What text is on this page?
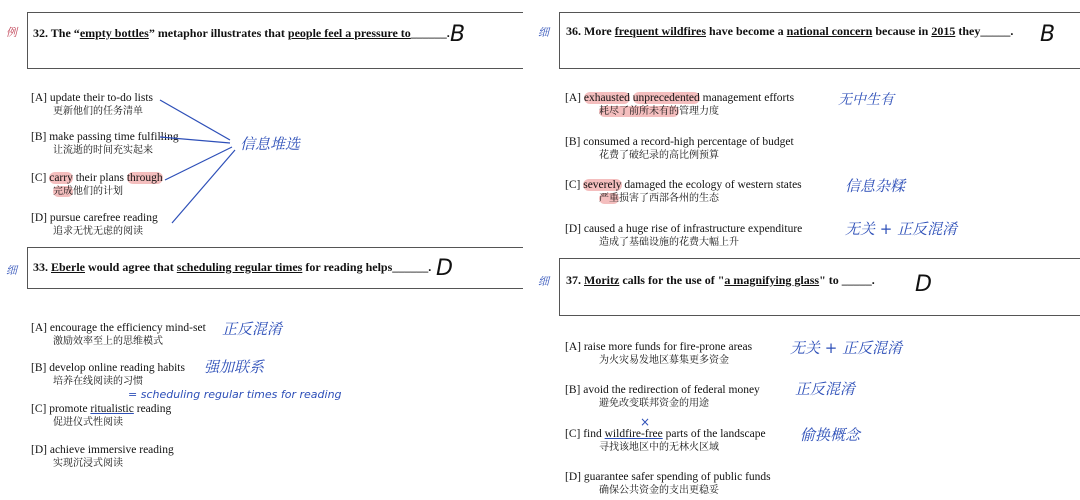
例 32. The “empty bottles” metaphor illustrates that people feel a pressure to______. B
[A] update their to-do lists
更新他们的任务清单
[B] make passing time fulfilling
让流逝的时间充实起来
[C] carry their plans through
完成他们的计划
[D] pursue carefree reading
追求无忧无虑的阅读
信息堆选
细 33. Eberle would agree that scheduling regular times for reading helps______. D
[A] encourage the efficiency mind-set
激励效率至上的思维模式
正反混淆
[B] develop online reading habits
培养在线阅读的习惯
强加联系
[C] promote ritualistic reading
促进仪式性阅读
= scheduling regular times for reading
[D] achieve immersive reading
实现沉浸式阅读
细 36. More frequent wildfires have become a national concern because in 2015 they_____. B
[A] exhausted unprecedented management efforts
耗尽了前所未有的管理力度
无中生有
[B] consumed a record-high percentage of budget
花费了破纪录的高比例预算
[C] severely damaged the ecology of western states
严重损害了西部各州的生态
信息杂糅
[D] caused a huge rise of infrastructure expenditure
造成了基础设施的花费大幅上升
无关 + 正反混淆
细 37. Moritz calls for the use of "a magnifying glass" to _____. D
[A] raise more funds for fire-prone areas
为火灾易发地区募集更多资金
无关 + 正反混淆
[B] avoid the redirection of federal money
避免改变联邦资金的用途
正反混淆
[C] find wildfire-free parts of the landscape
寻找该地区中的无林火区域
×
偷换概念
[D] guarantee safer spending of public funds
确保公共资金的支出更稳妥
